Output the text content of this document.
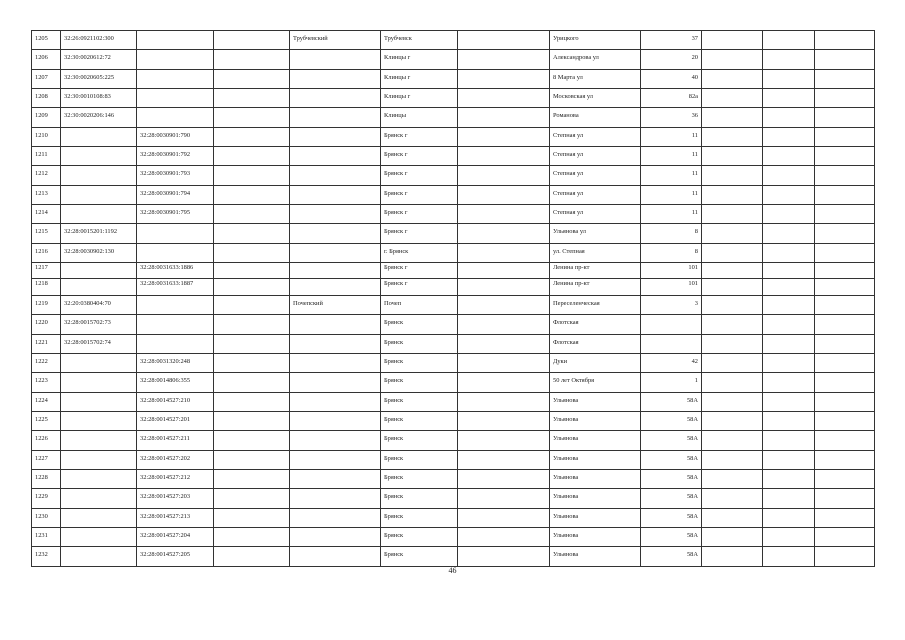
1205	32:26:0921102:300			Трубчевский	Трубчевск		Урицкого	37			
1206	32:30:0020612:72				Клинцы г		Александрова ул	20			
1207	32:30:0020605:225				Клинцы г		8 Марта ул	40			
1208	32:30:0010108:83				Клинцы г		Московская ул	82а			
1209	32:30:0020206:146				Клинцы		Романова	36			
1210		32:28:0030901:790			Брянск г		Степная ул	11			
1211		32:28:0030901:792			Брянск г		Степная ул	11			
1212		32:28:0030901:793			Брянск г		Степная ул	11			
1213		32:28:0030901:794			Брянск г		Степная ул	11			
1214		32:28:0030901:795			Брянск г		Степная ул	11			
1215	32:28:0015201:1192				Брянск г		Ульянова ул	8			
1216	32:28:0030902:130				г. Брянск		ул. Степная	8			
1217		32:28:0031633:1886			Брянск г		Ленина пр-кт	101			
1218		32:28:0031633:1887			Брянск г		Ленина пр-кт	101			
1219	32:20:0380404:70			Почепский	Почеп		Переселенческая	3			
1220	32:28:0015702:73				Брянск		Флотская				
1221	32:28:0015702:74				Брянск		Флотская				
1222		32:28:0031320:248			Брянск		Дуки	42			
1223		32:28:0014806:355			Брянск		50 лет Октября	1			
1224		32:28:0014527:210			Брянск		Ульянова	58А			
1225		32:28:0014527:201			Брянск		Ульянова	58А			
1226		32:28:0014527:211			Брянск		Ульянова	58А			
1227		32:28:0014527:202			Брянск		Ульянова	58А			
1228		32:28:0014527:212			Брянск		Ульянова	58А			
1229		32:28:0014527:203			Брянск		Ульянова	58А			
1230		32:28:0014527:213			Брянск		Ульянова	58А			
1231		32:28:0014527:204			Брянск		Ульянова	58А			
1232		32:28:0014527:205			Брянск		Ульянова	58А			
46
